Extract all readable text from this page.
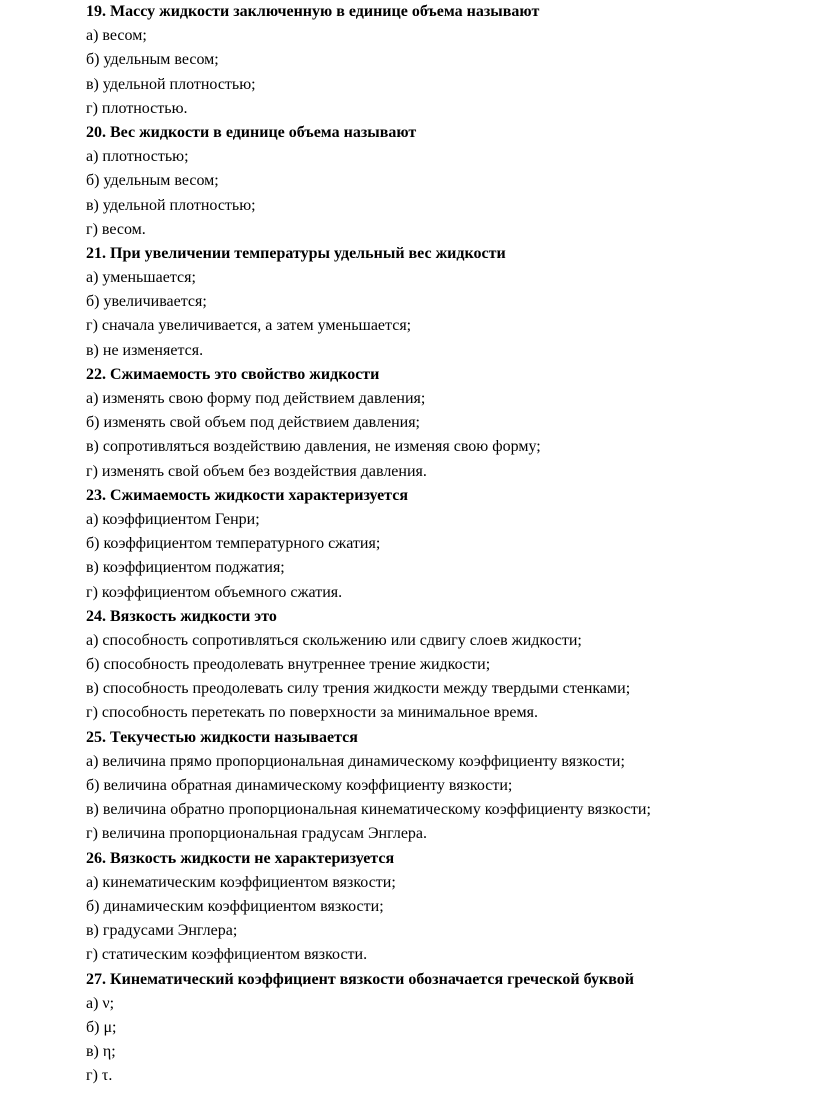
19. Массу жидкости заключенную в единице объема называют
а) весом;
б) удельным весом;
в) удельной плотностью;
г) плотностью.
20. Вес жидкости в единице объема называют
а) плотностью;
б) удельным весом;
в) удельной плотностью;
г) весом.
21. При увеличении температуры удельный вес жидкости
а) уменьшается;
б) увеличивается;
г) сначала увеличивается, а затем уменьшается;
в) не изменяется.
22. Сжимаемость это свойство жидкости
а) изменять свою форму под действием давления;
б) изменять свой объем под действием давления;
в) сопротивляться воздействию давления, не изменяя свою форму;
г) изменять свой объем без воздействия давления.
23. Сжимаемость жидкости характеризуется
а) коэффициентом Генри;
б) коэффициентом температурного сжатия;
в) коэффициентом поджатия;
г) коэффициентом объемного сжатия.
24. Вязкость жидкости это
а) способность сопротивляться скольжению или сдвигу слоев жидкости;
б) способность преодолевать внутреннее трение жидкости;
в) способность преодолевать силу трения жидкости между твердыми стенками;
г) способность перетекать по поверхности за минимальное время.
25. Текучестью жидкости называется
а) величина прямо пропорциональная динамическому коэффициенту вязкости;
б) величина обратная динамическому коэффициенту вязкости;
в) величина обратно пропорциональная кинематическому коэффициенту вязкости;
г) величина пропорциональная градусам Энглера.
26. Вязкость жидкости не характеризуется
а) кинематическим коэффициентом вязкости;
б) динамическим коэффициентом вязкости;
в) градусами Энглера;
г) статическим коэффициентом вязкости.
27. Кинематический коэффициент вязкости обозначается греческой буквой
а) ν;
б) μ;
в) η;
г) τ.
